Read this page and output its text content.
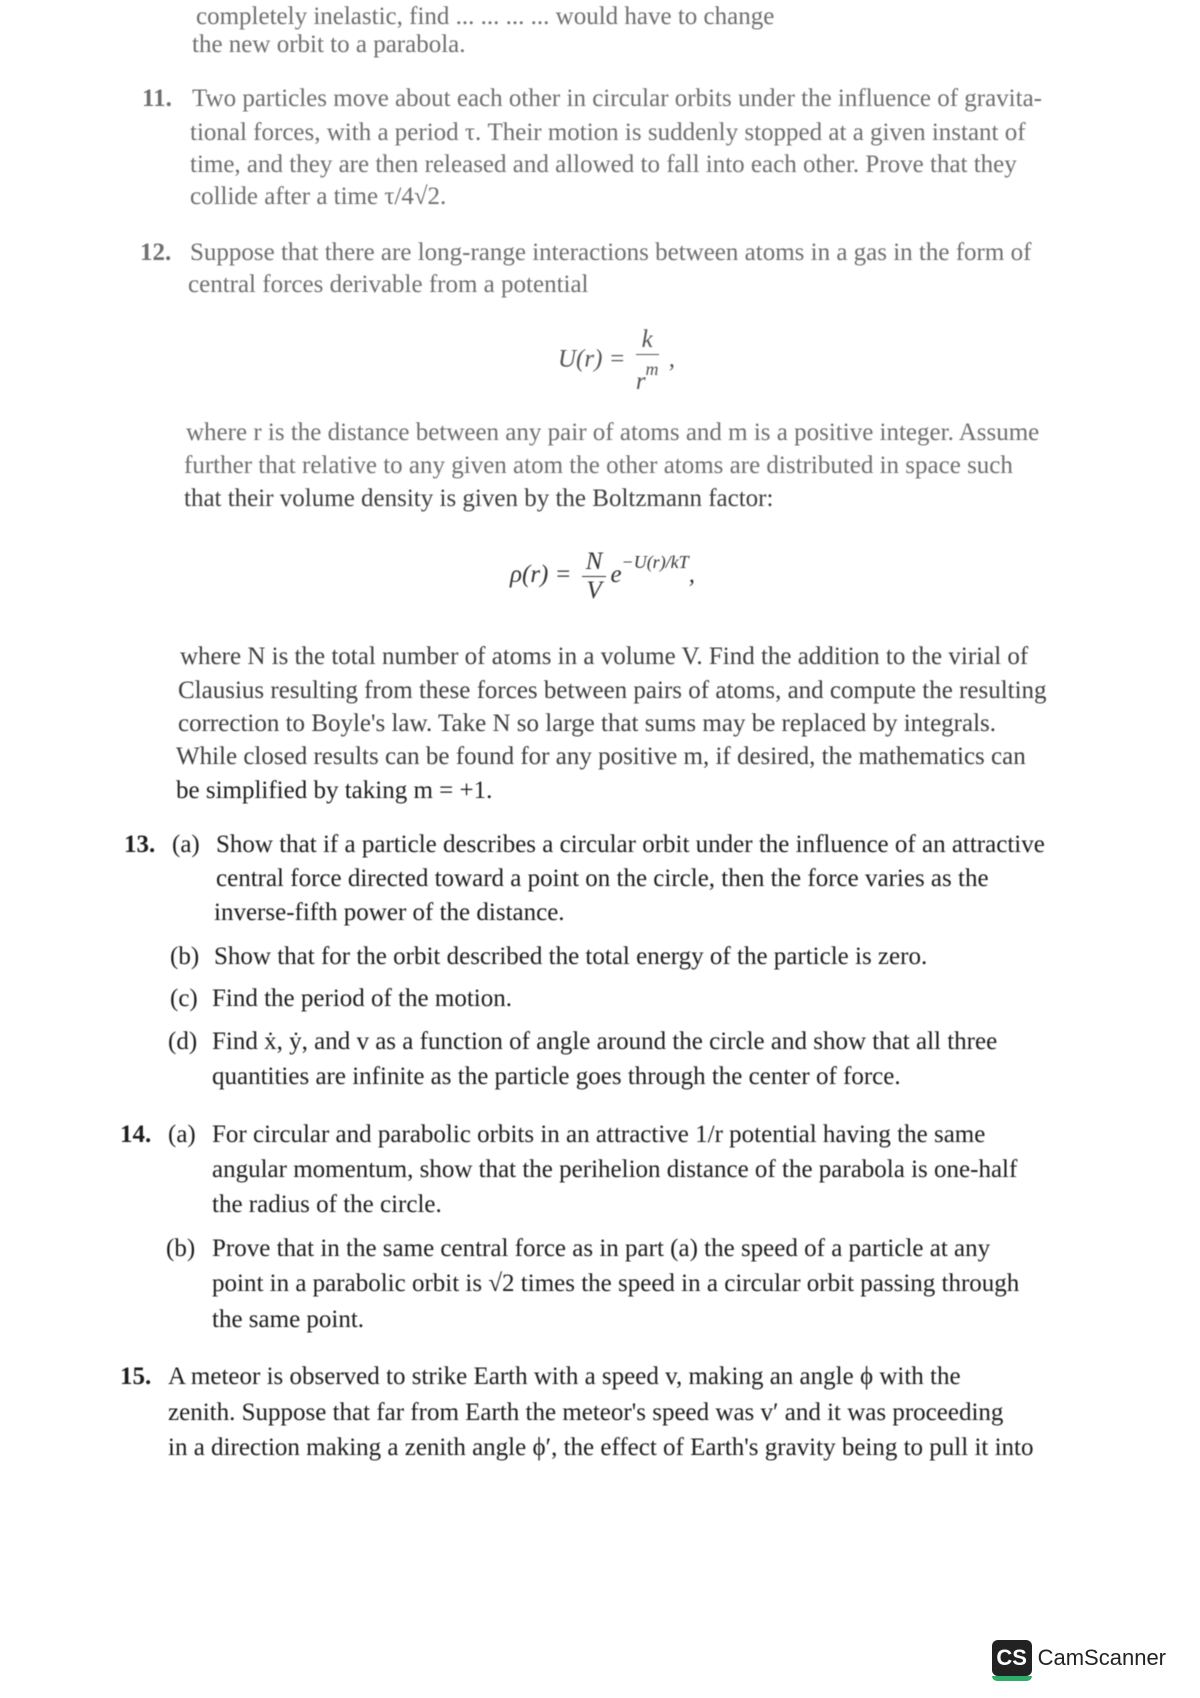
completely inelastic, find ... ... ... ... would have to change
the new orbit to a parabola.
11. Two particles move about each other in circular orbits under the influence of gravita-
tional forces, with a period τ. Their motion is suddenly stopped at a given instant of
time, and they are then released and allowed to fall into each other. Prove that they
collide after a time τ/4√2.
12. Suppose that there are long-range interactions between atoms in a gas in the form of
central forces derivable from a potential
$U(r) = \frac{k}{r^m}$ ,
where r is the distance between any pair of atoms and m is a positive integer. Assume
further that relative to any given atom the other atoms are distributed in space such
that their volume density is given by the Boltzmann factor:
$\rho(r) = \frac{N}{V} e^{-U(r)/kT}$,
where N is the total number of atoms in a volume V. Find the addition to the virial of
Clausius resulting from these forces between pairs of atoms, and compute the resulting
correction to Boyle's law. Take N so large that sums may be replaced by integrals.
While closed results can be found for any positive m, if desired, the mathematics can
be simplified by taking m = +1.
13. (a) Show that if a particle describes a circular orbit under the influence of an attractive
central force directed toward a point on the circle, then the force varies as the
inverse-fifth power of the distance.
(b) Show that for the orbit described the total energy of the particle is zero.
(c) Find the period of the motion.
(d) Find ẋ, ẏ, and v as a function of angle around the circle and show that all three
quantities are infinite as the particle goes through the center of force.
14. (a) For circular and parabolic orbits in an attractive 1/r potential having the same
angular momentum, show that the perihelion distance of the parabola is one-half
the radius of the circle.
(b) Prove that in the same central force as in part (a) the speed of a particle at any
point in a parabolic orbit is √2 times the speed in a circular orbit passing through
the same point.
15. A meteor is observed to strike Earth with a speed v, making an angle ϕ with the
zenith. Suppose that far from Earth the meteor's speed was v′ and it was proceeding
in a direction making a zenith angle ϕ′, the effect of Earth's gravity being to pull it into
CS CamScanner
